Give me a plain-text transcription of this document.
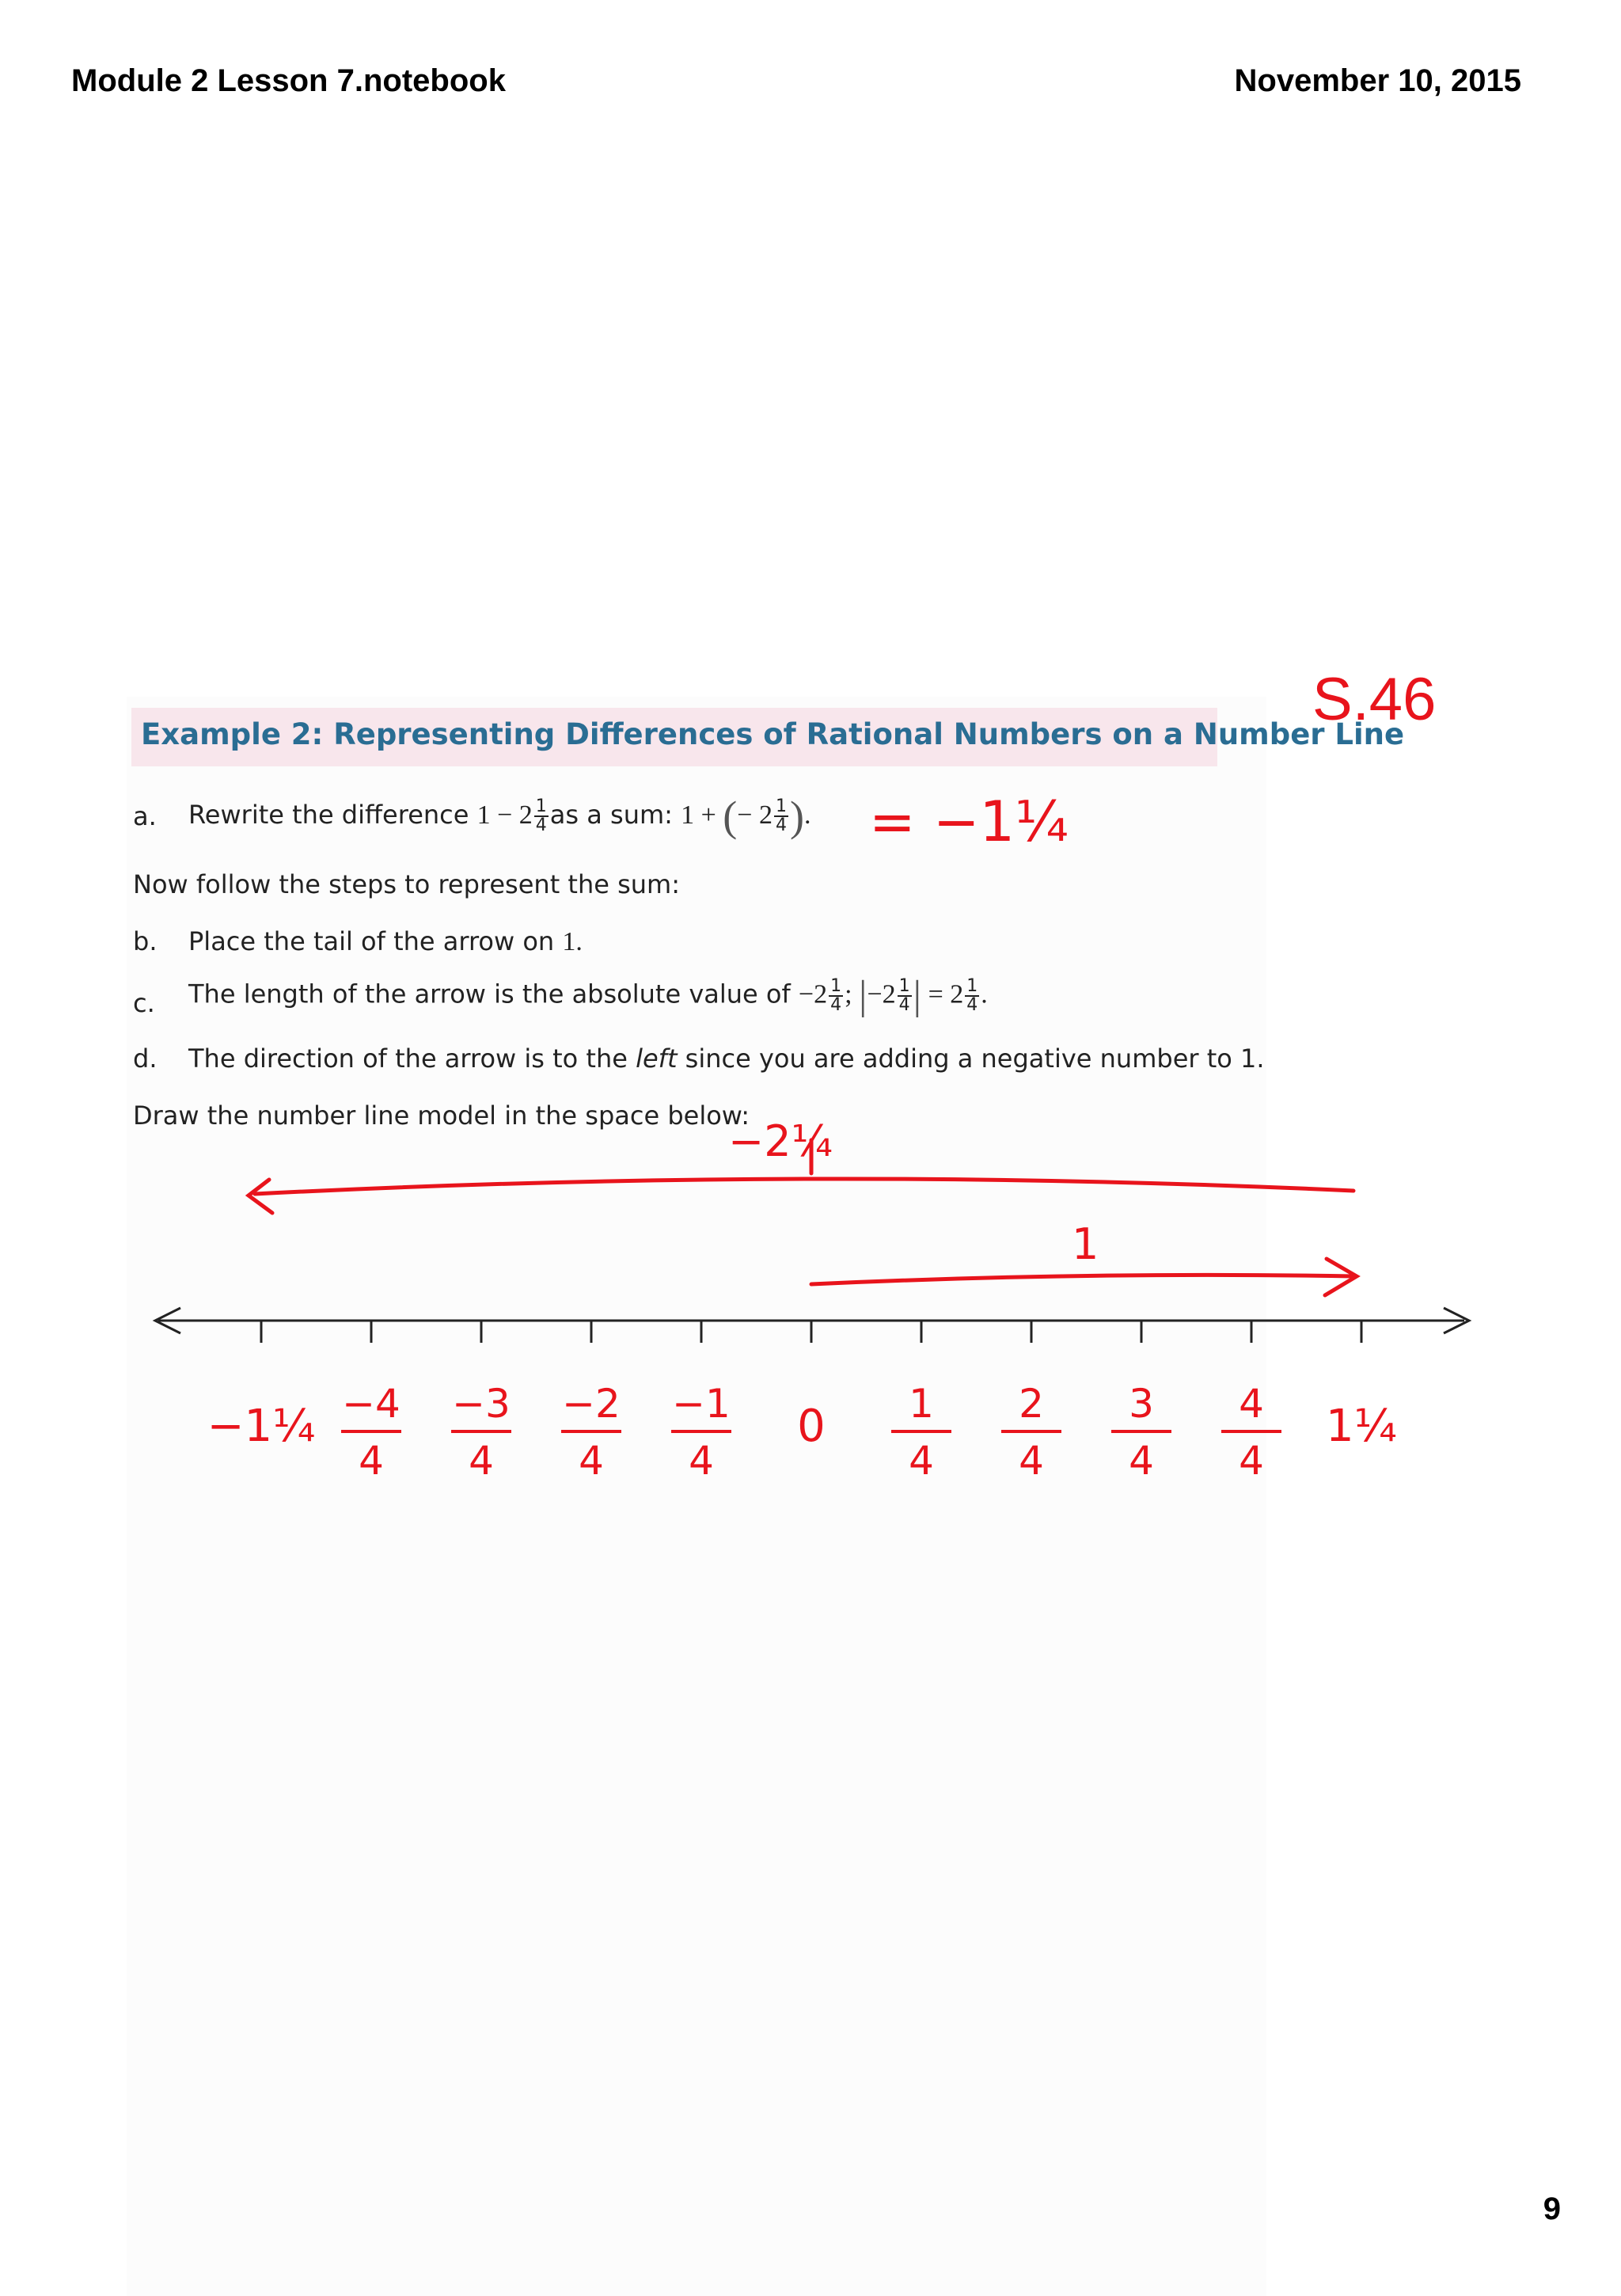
Module 2 Lesson 7.notebook	November 10, 2015
9
S.46
Example 2: Representing Differences of Rational Numbers on a Number Line
a. Rewrite the difference $1 - 2 \frac{1}{4}$ as a sum: 1 + (− $2 \frac{1}{4}$ ).
Now follow the steps to represent the sum:
b. Place the tail of the arrow on 1.
c. The length of the arrow is the absolute value of $-2 \frac{1}{4}$ ; $|-2 \frac{1}{4}$ | = $2 \frac{1}{4}$ .
d. The direction of the arrow is to the left since you are adding a negative number to 1.
Draw the number line model in the space below:
−1¼ −4
4
−3
4
−2
4
−1
4
0 1
4
2
4
3
4
4
4
1¼
= −1¼
−2¼
1
